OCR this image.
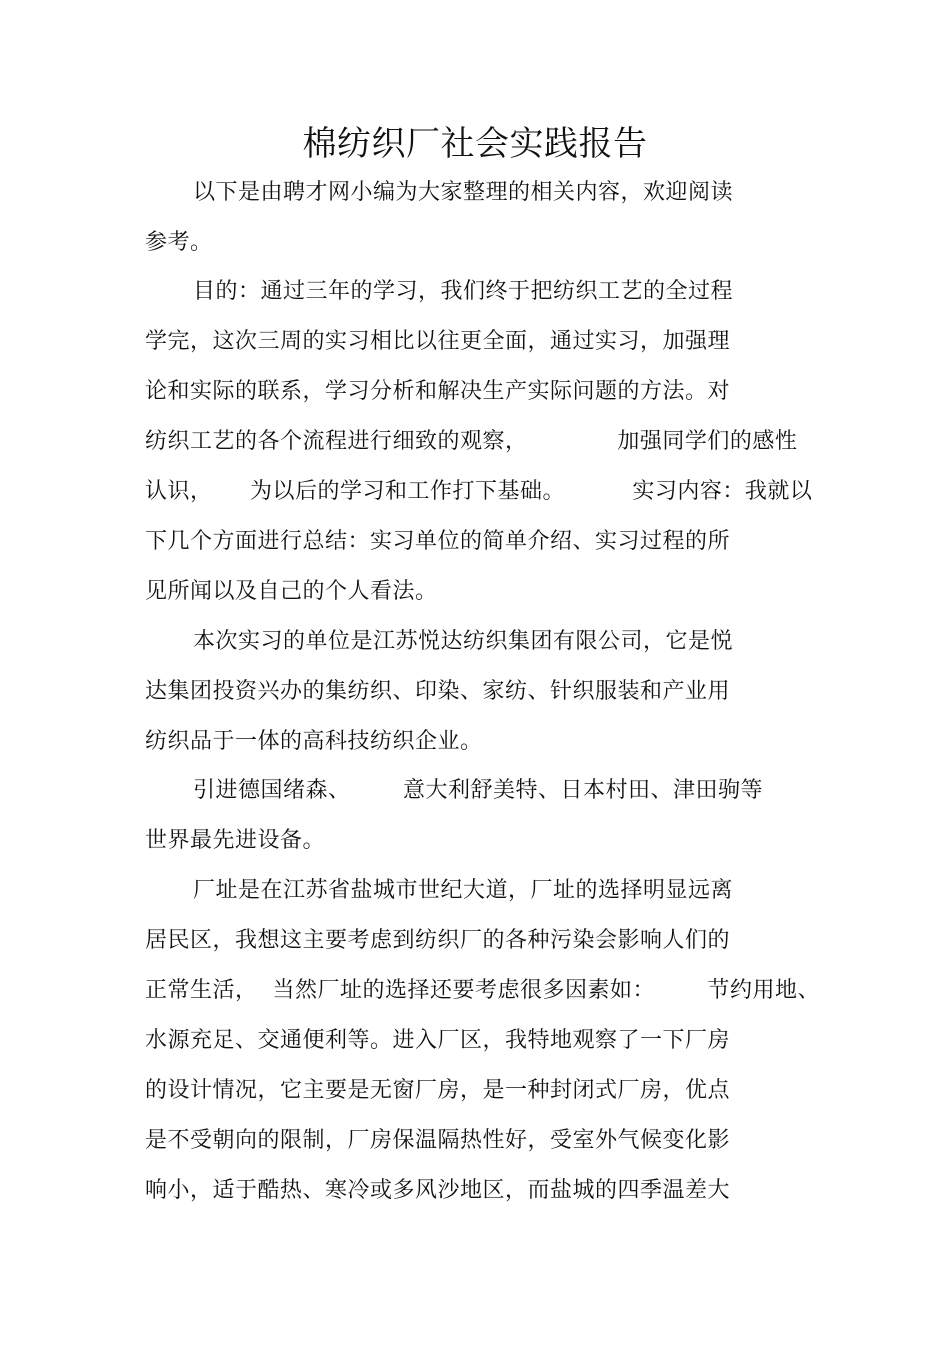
棉纺织厂社会实践报告
以下是由聘才网小编为大家整理的相关内容，欢迎阅读
参考。
目的：通过三年的学习，我们终于把纺织工艺的全过程
学完，这次三周的实习相比以往更全面，通过实习，加强理
论和实际的联系，学习分析和解决生产实际问题的方法。对
纺织工艺的各个流程进行细致的观察，            加强同学们的感性
认识，     为以后的学习和工作打下基础。         实习内容：我就以
下几个方面进行总结：实习单位的简单介绍、实习过程的所
见所闻以及自己的个人看法。
本次实习的单位是江苏悦达纺织集团有限公司，它是悦
达集团投资兴办的集纺织、印染、家纺、针织服装和产业用
纺织品于一体的高科技纺织企业。
引进德国绪森、       意大利舒美特、日本村田、津田驹等
世界最先进设备。
厂址是在江苏省盐城市世纪大道，厂址的选择明显远离
居民区，我想这主要考虑到纺织厂的各种污染会影响人们的
正常生活，  当然厂址的选择还要考虑很多因素如：       节约用地、
水源充足、交通便利等。进入厂区，我特地观察了一下厂房
的设计情况，它主要是无窗厂房，是一种封闭式厂房，优点
是不受朝向的限制，厂房保温隔热性好，受室外气候变化影
响小，适于酷热、寒冷或多风沙地区，而盐城的四季温差大
